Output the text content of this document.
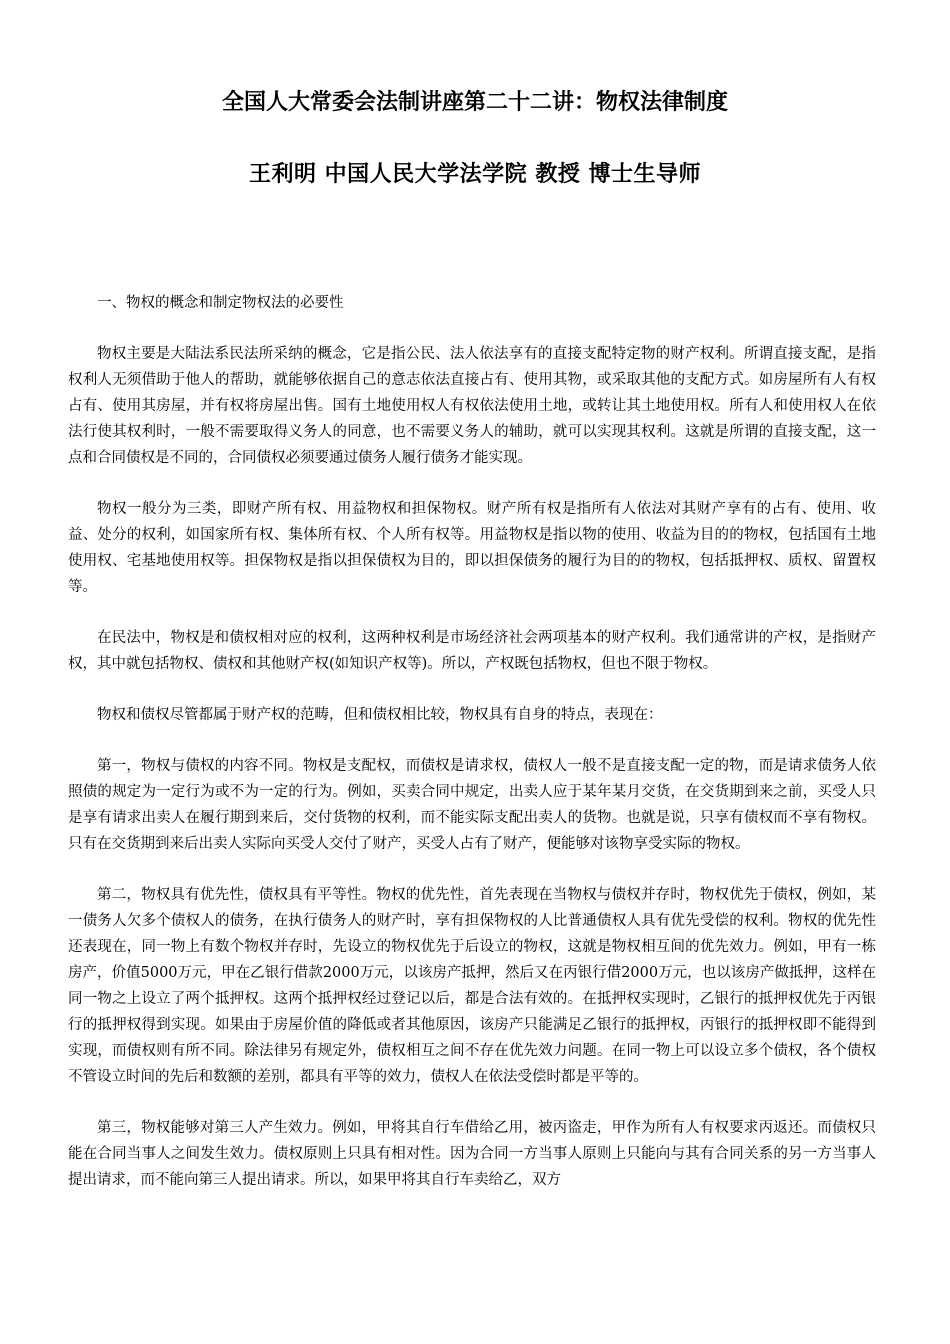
全国人大常委会法制讲座第二十二讲：物权法律制度
王利明 中国人民大学法学院 教授 博士生导师

一、物权的概念和制定物权法的必要性

物权主要是大陆法系民法所采纳的概念，它是指公民、法人依法享有的直接支配特定物的财产权利。所谓直接支配，是指权利人无须借助于他人的帮助，就能够依据自己的意志依法直接占有、使用其物，或采取其他的支配方式。如房屋所有人有权占有、使用其房屋，并有权将房屋出售。国有土地使用权人有权依法使用土地，或转让其土地使用权。所有人和使用权人在依法行使其权利时，一般不需要取得义务人的同意，也不需要义务人的辅助，就可以实现其权利。这就是所谓的直接支配，这一点和合同债权是不同的，合同债权必须要通过债务人履行债务才能实现。

物权一般分为三类，即财产所有权、用益物权和担保物权。财产所有权是指所有人依法对其财产享有的占有、使用、收益、处分的权利，如国家所有权、集体所有权、个人所有权等。用益物权是指以物的使用、收益为目的的物权，包括国有土地使用权、宅基地使用权等。担保物权是指以担保债权为目的，即以担保债务的履行为目的的物权，包括抵押权、质权、留置权等。

在民法中，物权是和债权相对应的权利，这两种权利是市场经济社会两项基本的财产权利。我们通常讲的产权，是指财产权，其中就包括物权、债权和其他财产权(如知识产权等)。所以，产权既包括物权，但也不限于物权。

物权和债权尽管都属于财产权的范畴，但和债权相比较，物权具有自身的特点，表现在：

第一，物权与债权的内容不同。物权是支配权，而债权是请求权，债权人一般不是直接支配一定的物，而是请求债务人依照债的规定为一定行为或不为一定的行为。例如，买卖合同中规定，出卖人应于某年某月交货，在交货期到来之前，买受人只是享有请求出卖人在履行期到来后，交付货物的权利，而不能实际支配出卖人的货物。也就是说，只享有债权而不享有物权。只有在交货期到来后出卖人实际向买受人交付了财产，买受人占有了财产，便能够对该物享受实际的物权。

第二，物权具有优先性，债权具有平等性。物权的优先性，首先表现在当物权与债权并存时，物权优先于债权，例如，某一债务人欠多个债权人的债务，在执行债务人的财产时，享有担保物权的人比普通债权人具有优先受偿的权利。物权的优先性还表现在，同一物上有数个物权并存时，先设立的物权优先于后设立的物权，这就是物权相互间的优先效力。例如，甲有一栋房产，价值5000万元，甲在乙银行借款2000万元，以该房产抵押，然后又在丙银行借2000万元，也以该房产做抵押，这样在同一物之上设立了两个抵押权。这两个抵押权经过登记以后，都是合法有效的。在抵押权实现时，乙银行的抵押权优先于丙银行的抵押权得到实现。如果由于房屋价值的降低或者其他原因，该房产只能满足乙银行的抵押权，丙银行的抵押权即不能得到实现，而债权则有所不同。除法律另有规定外，债权相互之间不存在优先效力问题。在同一物上可以设立多个债权，各个债权不管设立时间的先后和数额的差别，都具有平等的效力，债权人在依法受偿时都是平等的。

第三，物权能够对第三人产生效力。例如，甲将其自行车借给乙用，被丙盗走，甲作为所有人有权要求丙返还。而债权只能在合同当事人之间发生效力。债权原则上只具有相对性。因为合同一方当事人原则上只能向与其有合同关系的另一方当事人提出请求，而不能向第三人提出请求。所以，如果甲将其自行车卖给乙，双方
